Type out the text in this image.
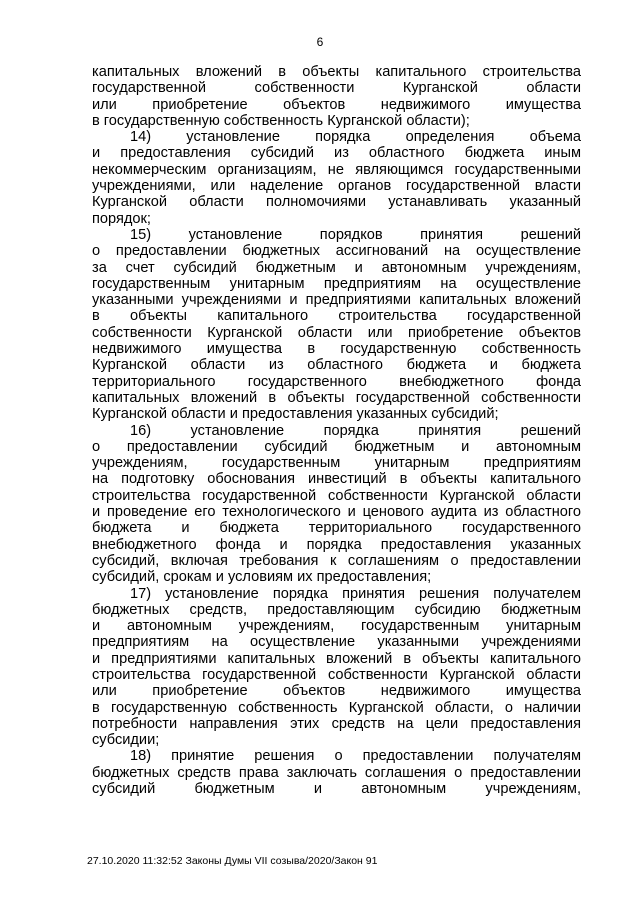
6
капитальных вложений в объекты капитального строительства
государственной собственности Курганской области
или приобретение объектов недвижимого имущества
в государственную собственность Курганской области);
14) установление порядка определения объема
и предоставления субсидий из областного бюджета иным
некоммерческим организациям, не являющимся государственными
учреждениями, или наделение органов государственной власти
Курганской области полномочиями устанавливать указанный
порядок;
15) установление порядков принятия решений
о предоставлении бюджетных ассигнований на осуществление
за счет субсидий бюджетным и автономным учреждениям,
государственным унитарным предприятиям на осуществление
указанными учреждениями и предприятиями капитальных вложений
в объекты капитального строительства государственной
собственности Курганской области или приобретение объектов
недвижимого имущества в государственную собственность
Курганской области из областного бюджета и бюджета
территориального государственного внебюджетного фонда
капитальных вложений в объекты государственной собственности
Курганской области и предоставления указанных субсидий;
16) установление порядка принятия решений
о предоставлении субсидий бюджетным и автономным
учреждениям, государственным унитарным предприятиям
на подготовку обоснования инвестиций в объекты капитального
строительства государственной собственности Курганской области
и проведение его технологического и ценового аудита из областного
бюджета и бюджета территориального государственного
внебюджетного фонда и порядка предоставления указанных
субсидий, включая требования к соглашениям о предоставлении
субсидий, срокам и условиям их предоставления;
17) установление порядка принятия решения получателем
бюджетных средств, предоставляющим субсидию бюджетным
и автономным учреждениям, государственным унитарным
предприятиям на осуществление указанными учреждениями
и предприятиями капитальных вложений в объекты капитального
строительства государственной собственности Курганской области
или приобретение объектов недвижимого имущества
в государственную собственность Курганской области, о наличии
потребности направления этих средств на цели предоставления
субсидии;
18) принятие решения о предоставлении получателям
бюджетных средств права заключать соглашения о предоставлении
субсидий бюджетным и автономным учреждениям,
27.10.2020 11:32:52 Законы Думы VII созыва/2020/Закон 91
